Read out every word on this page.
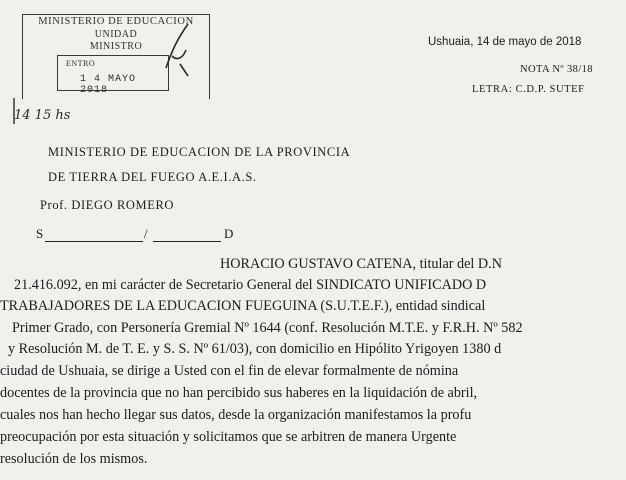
MINISTERIO DE EDUCACION
UNIDAD
MINISTRO
ENTRO
1 4 MAYO 2018
14 15 hs
Ushuaia, 14 de mayo de 2018
NOTA Nº 38/18
LETRA: C.D.P. SUTEF
MINISTERIO DE EDUCACION DE LA PROVINCIA
DE TIERRA DEL FUEGO A.E.I.A.S.
Prof. DIEGO ROMERO
S	/	D
HORACIO GUSTAVO CATENA, titular del D.N
21.416.092, en mi carácter de Secretario General del SINDICATO UNIFICADO D
TRABAJADORES DE LA EDUCACION FUEGUINA (S.U.T.E.F.), entidad sindical
Primer Grado, con Personería Gremial Nº 1644 (conf. Resolución M.T.E. y F.R.H. Nº 582
y Resolución M. de T. E. y S. S. Nº 61/03), con domicilio en Hipólito Yrigoyen 1380 d
ciudad de Ushuaia, se dirige a Usted con el fin de elevar formalmente de nómina
docentes de la provincia que no han percibido sus haberes en la liquidación de abril,
cuales nos han hecho llegar sus datos, desde la organización manifestamos la profu
preocupación por esta situación y solicitamos que se arbitren de manera Urgente
resolución de los mismos.
